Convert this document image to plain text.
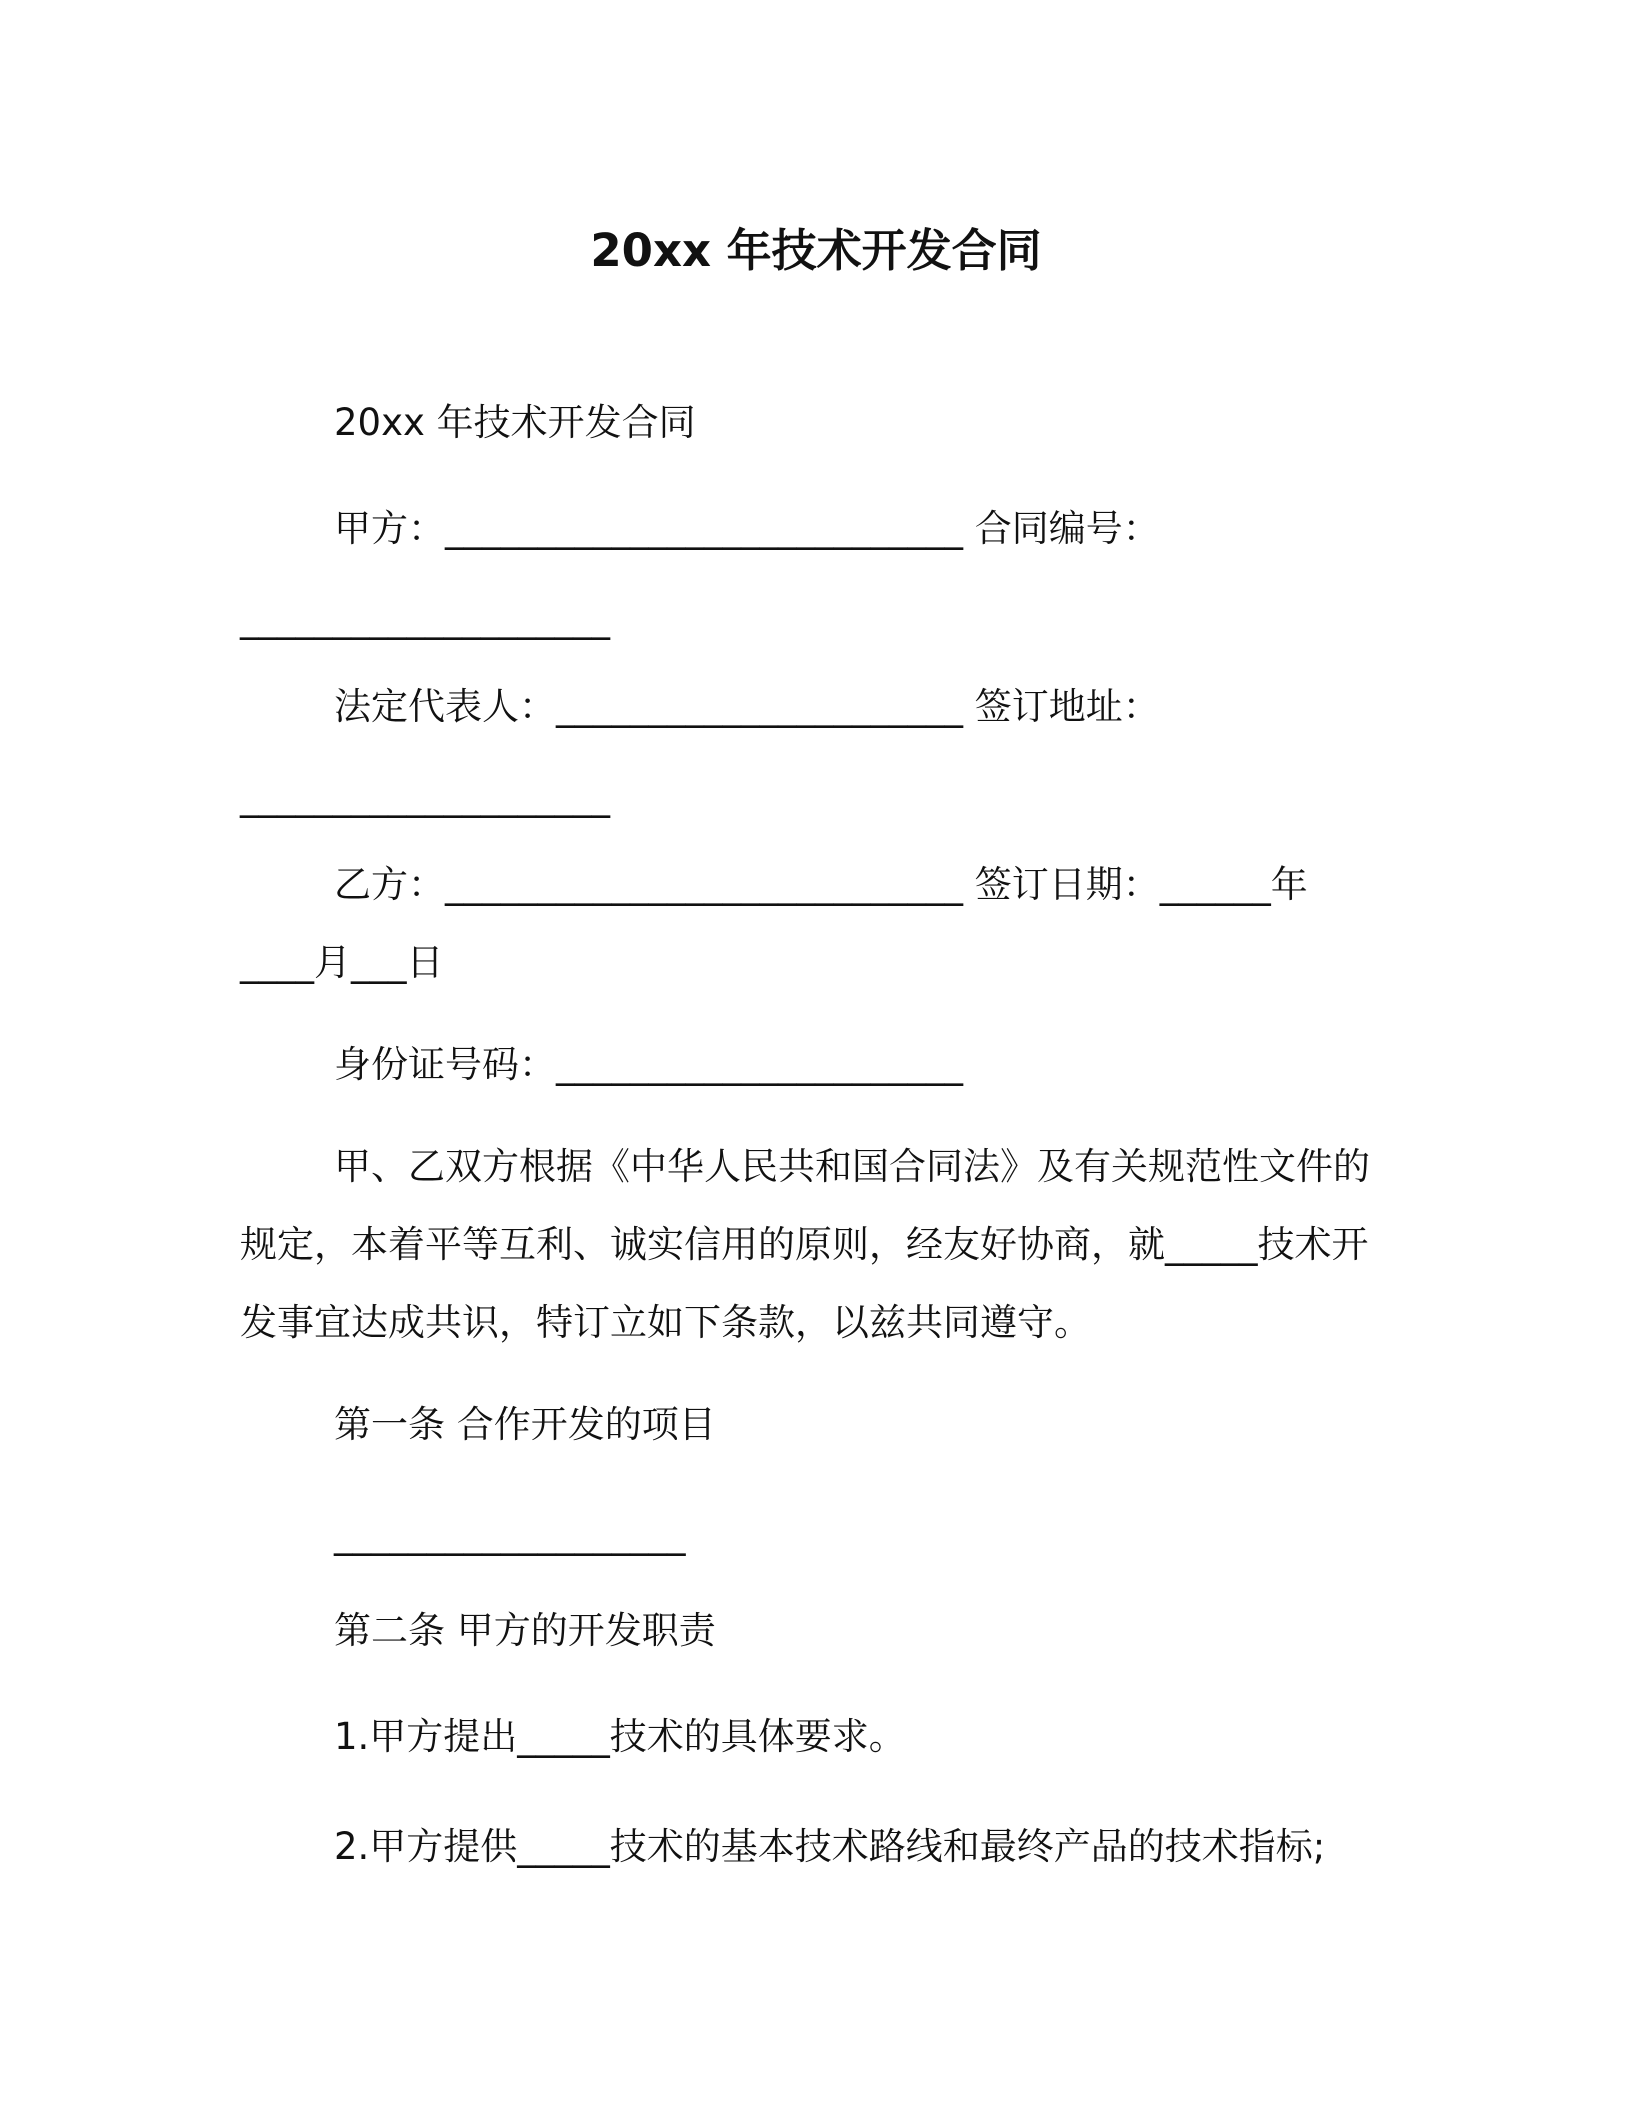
20xx 年技术开发合同
20xx 年技术开发合同
甲方：____________________________ 合同编号：
____________________
法定代表人：______________________ 签订地址：
____________________
乙方：____________________________ 签订日期：______年
____月___日
身份证号码：______________________
甲、乙双方根据《中华人民共和国合同法》及有关规范性文件的
规定，本着平等互利、诚实信用的原则，经友好协商，就_____技术开
发事宜达成共识，特订立如下条款，以兹共同遵守。
第一条 合作开发的项目
___________________
第二条 甲方的开发职责
1.甲方提出_____技术的具体要求。
2.甲方提供_____技术的基本技术路线和最终产品的技术指标;
